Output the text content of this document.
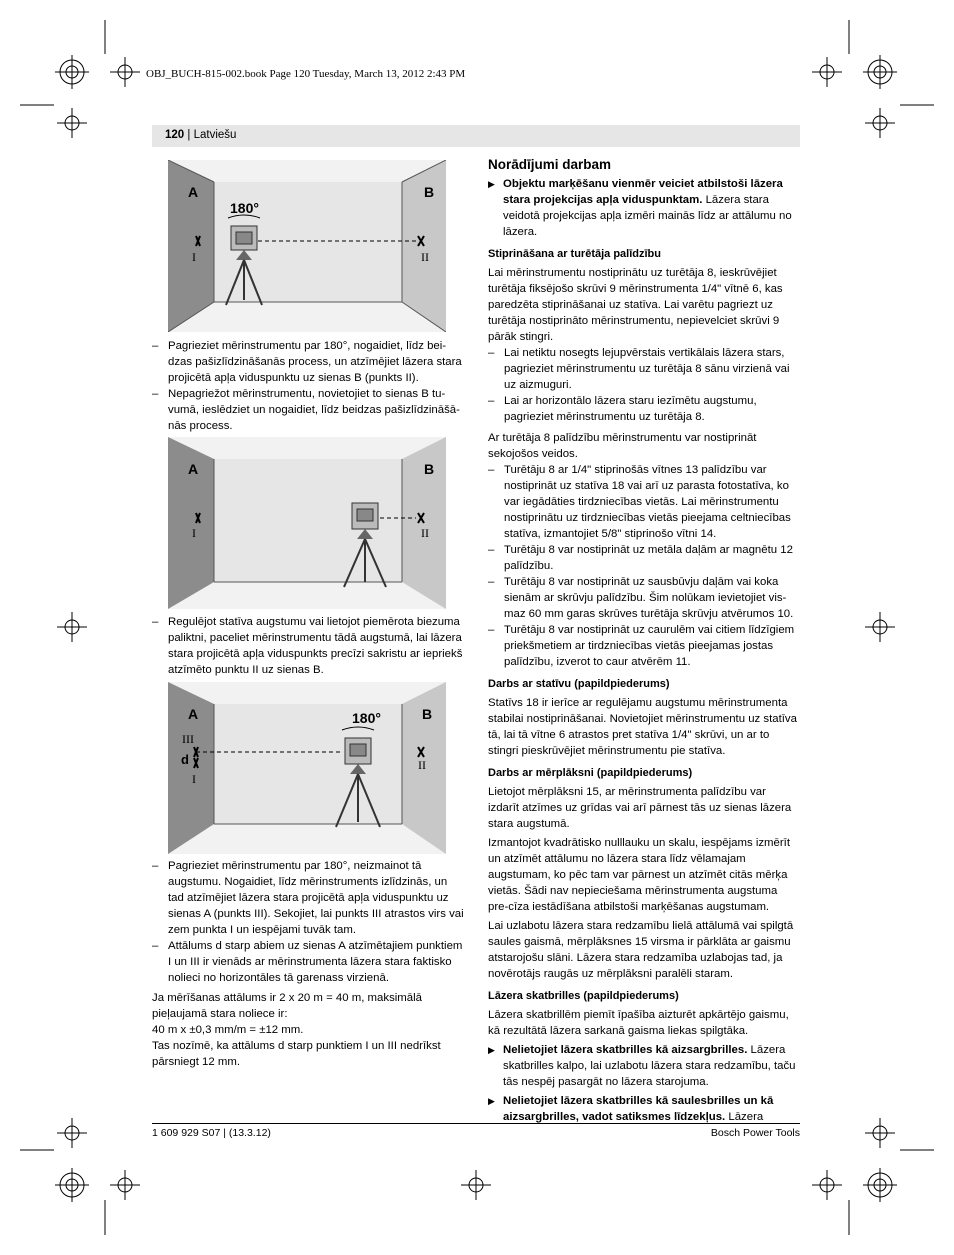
OBJ_BUCH-815-002.book Page 120 Tuesday, March 13, 2012 2:43 PM
120 | Latviešu
A	B
180°
I	II
– Pagrieziet mērinstrumentu par 180°, nogaidiet, līdz bei-dzas pašizlīdzināšanās process, un atzīmējiet lāzera stara projicētā apļa viduspunktu uz sienas B (punkts II).
– Nepagriežot mērinstrumentu, novietojiet to sienas B tu-vumā, ieslēdziet un nogaidiet, līdz beidzas pašizlīdzināšā-nās process.
A	B
I	II
– Regulējot statīva augstumu vai lietojot piemērota biezuma paliktni, paceliet mērinstrumentu tādā augstumā, lai lāzera stara projicētā apļa viduspunkts precīzi sakristu ar iepriekš atzīmēto punktu II uz sienas B.
A	B
180°
III
d
I
II
– Pagrieziet mērinstrumentu par 180°, neizmainot tā augstumu. Nogaidiet, līdz mērinstruments izlīdzinās, un tad atzīmējiet lāzera stara projicētā apļa viduspunktu uz sienas A (punkts III). Sekojiet, lai punkts III atrastos virs vai zem punkta I un iespējami tuvāk tam.
– Attālums d starp abiem uz sienas A atzīmētajiem punktiem I un III ir vienāds ar mērinstrumenta lāzera stara faktisko nolieci no horizontāles tā garenass virzienā.

Ja mērīšanas attālums ir 2 x 20 m = 40 m, maksimālā pieļaujamā stara noliece ir:

40 m x ±0,3 mm/m = ±12 mm.

Tas nozīmē, ka attālums d starp punktiem I un III nedrīkst pārsniegt 12 mm.

Norādījumi darbam

▶ Objektu marķēšanu vienmēr veiciet atbilstoši lāzera stara projekcijas apļa viduspunktam. Lāzera stara veidotā projekcijas apļa izmēri mainās līdz ar attālumu no lāzera.

Stiprināšana ar turētāja palīdzību

Lai mērinstrumentu nostiprinātu uz turētāja 8, ieskrūvējiet turētāja fiksējošo skrūvi 9 mērinstrumenta 1/4" vītnē 6, kas paredzēta stiprināšanai uz statīva. Lai varētu pagriezt uz turētāja nostiprināto mērinstrumentu, nepievelciet skrūvi 9 pārāk stingri.

– Lai netiktu nosegts lejupvērstais vertikālais lāzera stars, pagrieziet mērinstrumentu uz turētāja 8 sānu virzienā vai uz aizmuguri.
– Lai ar horizontālo lāzera staru iezīmētu augstumu, pagrieziet mērinstrumentu uz turētāja 8.

Ar turētāja 8 palīdzību mērinstrumentu var nostiprināt sekojošos veidos.

– Turētāju 8 ar 1/4" stiprinošās vītnes 13 palīdzību var nostiprināt uz statīva 18 vai arī uz parasta fotostatīva, ko var iegādāties tirdzniecības vietās. Lai mērinstrumentu nostiprinātu uz tirdzniecības vietās pieejama celtniecības statīva, izmantojiet 5/8" stiprinošo vītni 14.
– Turētāju 8 var nostiprināt uz metāla daļām ar magnētu 12 palīdzību.
– Turētāju 8 var nostiprināt uz sausbūvju daļām vai koka sienām ar skrūvju palīdzību. Šim nolūkam ievietojiet vis-maz 60 mm garas skrūves turētāja skrūvju atvērumos 10.
– Turētāju 8 var nostiprināt uz caurulēm vai citiem līdzīgiem priekšmetiem ar tirdzniecības vietās pieejamas jostas palīdzību, izverot to caur atvērēm 11.

Darbs ar statīvu (papildpiederums)

Statīvs 18 ir ierīce ar regulējamu augstumu mērinstrumenta stabilai nostiprināšanai. Novietojiet mērinstrumentu uz statīva tā, lai tā vītne 6 atrastos pret statīva 1/4" skrūvi, un ar to stingri pieskrūvējiet mērinstrumentu pie statīva.

Darbs ar mērplāksni (papildpiederums)

Lietojot mērplāksni 15, ar mērinstrumenta palīdzību var izdarīt atzīmes uz grīdas vai arī pārnest tās uz sienas lāzera stara augstumā.

Izmantojot kvadrātisko nulllauku un skalu, iespējams izmērīt un atzīmēt attālumu no lāzera stara līdz vēlamajam augstumam, ko pēc tam var pārnest un atzīmēt citās mērķa vietās. Šādi nav nepieciešama mērinstrumenta augstuma pre-cīza iestādīšana atbilstoši marķēšanas augstumam.

Lai uzlabotu lāzera stara redzamību lielā attālumā vai spilgtā saules gaismā, mērplāksnes 15 virsma ir pārklāta ar gaismu atstarojošu slāni. Lāzera stara redzamība uzlabojas tad, ja novērotājs raugās uz mērplāksni paralēli staram.

Lāzera skatbrilles (papildpiederums)

Lāzera skatbrillēm piemīt īpašība aizturēt apkārtējo gaismu, kā rezultātā lāzera sarkanā gaisma liekas spilgtāka.

▶ Nelietojiet lāzera skatbrilles kā aizsargbrilles. Lāzera skatbrilles kalpo, lai uzlabotu lāzera stara redzamību, taču tās nespēj pasargāt no lāzera starojuma.
▶ Nelietojiet lāzera skatbrilles kā saulesbrilles un kā aizsargbrilles, vadot satiksmes līdzekļus. Lāzera
1 609 929 S07 | (13.3.12)	Bosch Power Tools
